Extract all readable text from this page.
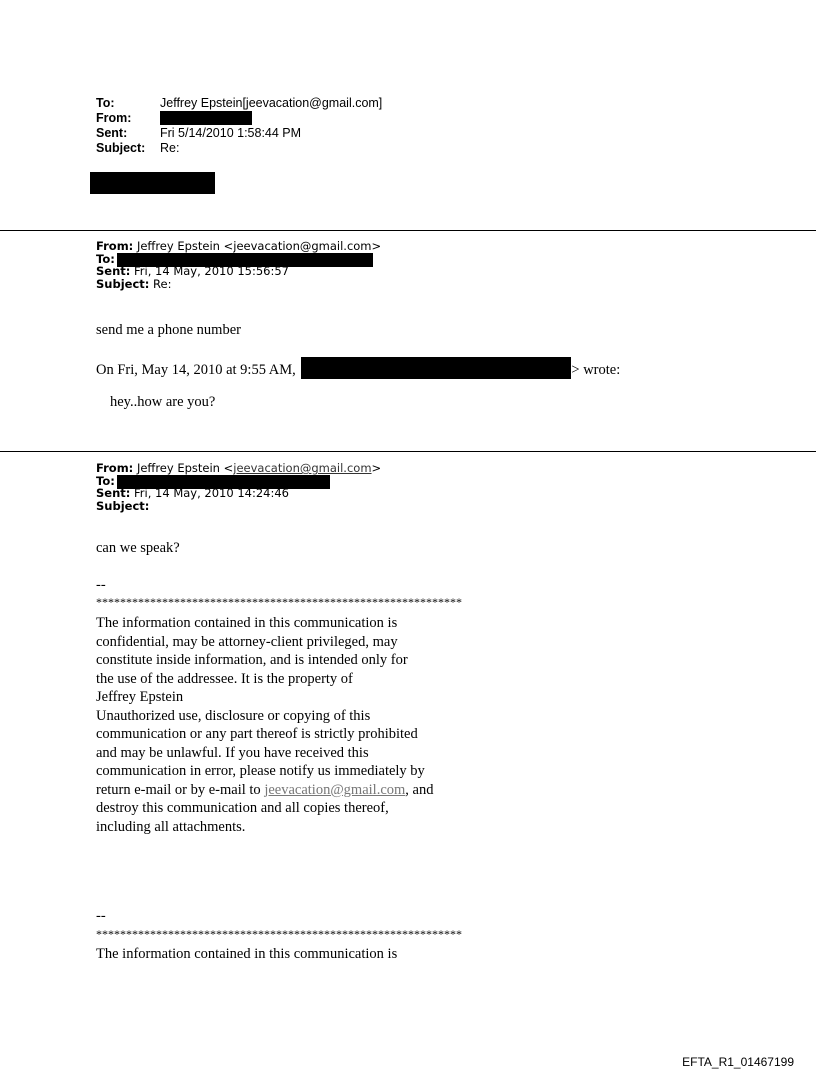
To:	Jeffrey Epstein[jeevacation@gmail.com]
From:
Sent:	Fri 5/14/2010 1:58:44 PM
Subject:	Re:
From: Jeffrey Epstein <jeevacation@gmail.com>
To:
Sent: Fri, 14 May, 2010 15:56:57
Subject: Re:
send me a phone number
On Fri, May 14, 2010 at 9:55 AM,	> wrote:
hey..how are you?
From: Jeffrey Epstein <jeevacation@gmail.com>
To:
Sent: Fri, 14 May, 2010 14:24:46
Subject:
can we speak?
--
*************************************************************
The information contained in this communication is
confidential, may be attorney-client privileged, may
constitute inside information, and is intended only for
the use of the addressee. It is the property of
Jeffrey Epstein
Unauthorized use, disclosure or copying of this
communication or any part thereof is strictly prohibited
and may be unlawful. If you have received this
communication in error, please notify us immediately by
return e-mail or by e-mail to jeevacation@gmail.com, and
destroy this communication and all copies thereof,
including all attachments.
--
*************************************************************
The information contained in this communication is
EFTA_R1_01467199
